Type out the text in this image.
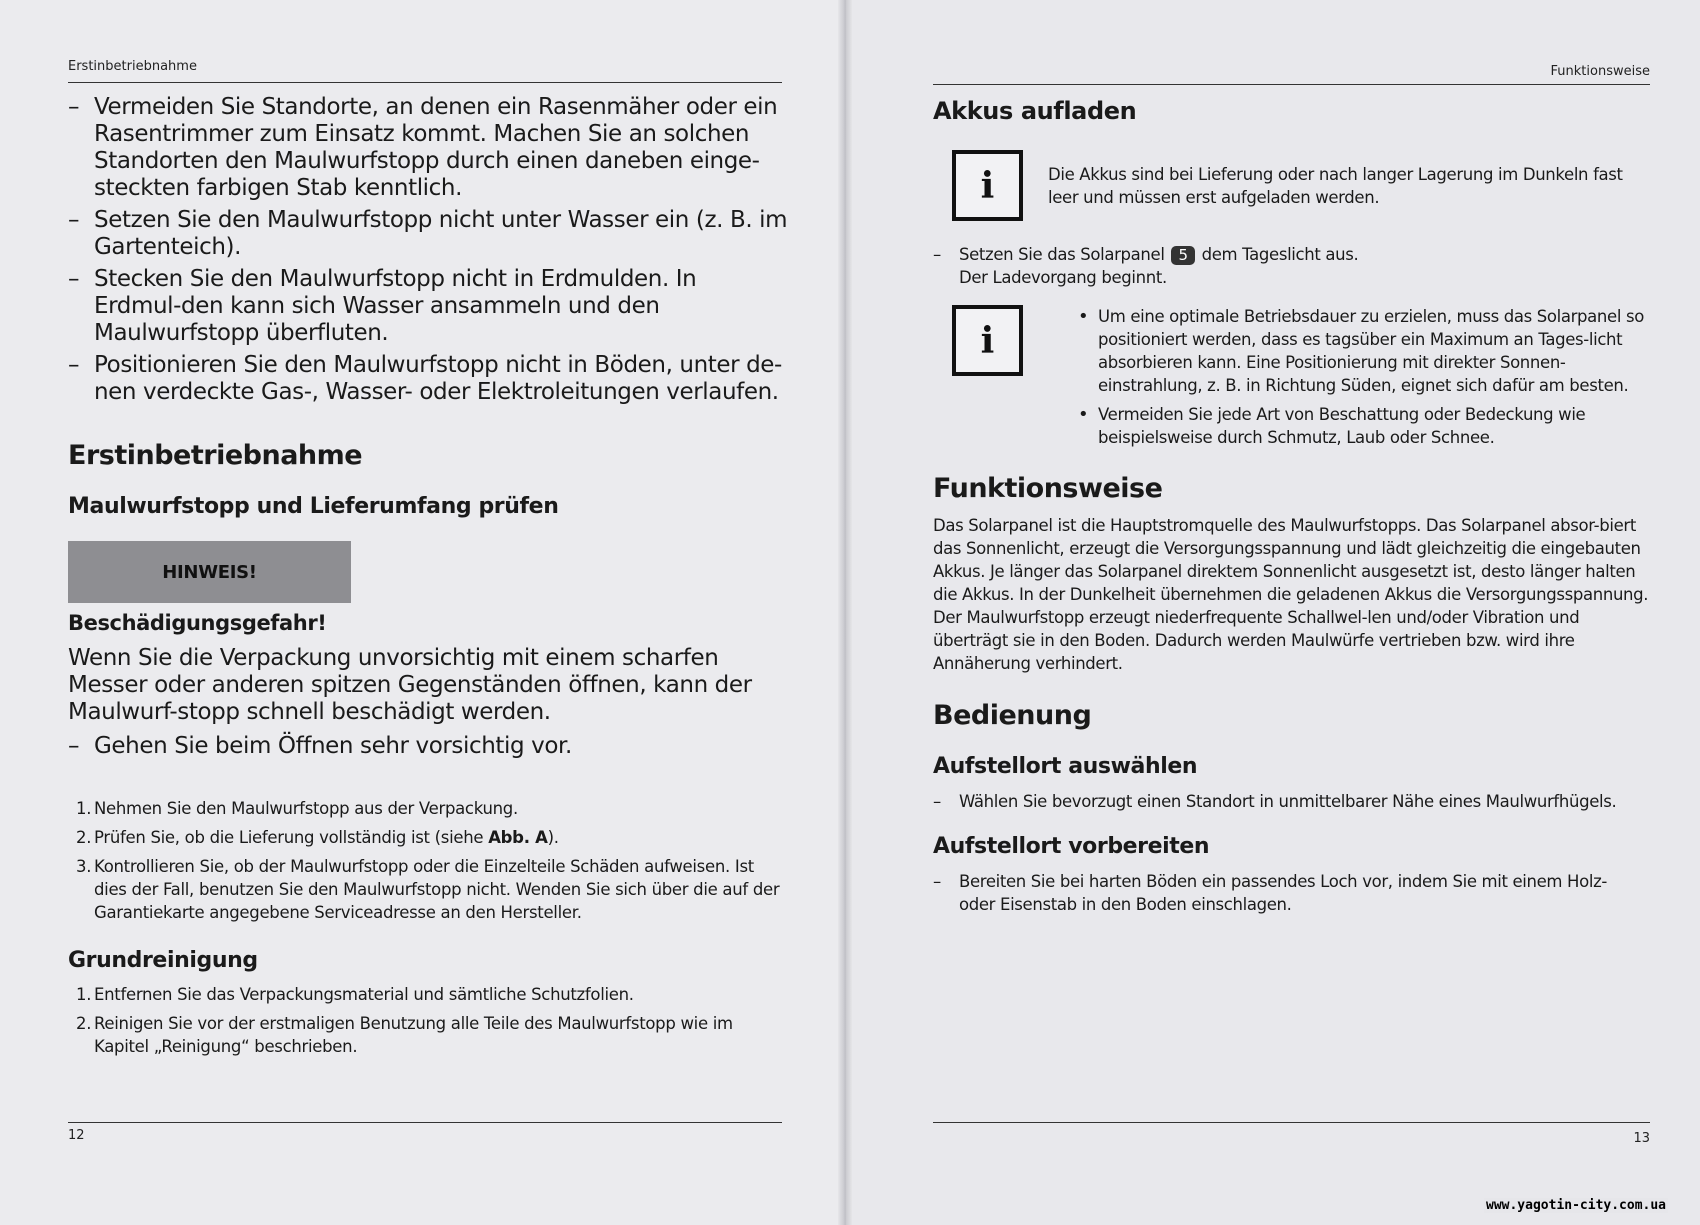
Erstinbetriebnahme
– Vermeiden Sie Standorte, an denen ein Rasenmäher oder ein Rasentrimmer zum Einsatz kommt. Machen Sie an solchen Standorten den Maulwurfstopp durch einen daneben einge-steckten farbigen Stab kenntlich.
– Setzen Sie den Maulwurfstopp nicht unter Wasser ein (z. B. im Gartenteich).
– Stecken Sie den Maulwurfstopp nicht in Erdmulden. In Erdmul-den kann sich Wasser ansammeln und den Maulwurfstopp überfluten.
– Positionieren Sie den Maulwurfstopp nicht in Böden, unter de-nen verdeckte Gas-, Wasser- oder Elektroleitungen verlaufen.
Erstinbetriebnahme
Maulwurfstopp und Lieferumfang prüfen
HINWEIS!
Beschädigungsgefahr!
Wenn Sie die Verpackung unvorsichtig mit einem scharfen Messer oder anderen spitzen Gegenständen öffnen, kann der Maulwurf-stopp schnell beschädigt werden.
– Gehen Sie beim Öffnen sehr vorsichtig vor.
1. Nehmen Sie den Maulwurfstopp aus der Verpackung.
2. Prüfen Sie, ob die Lieferung vollständig ist (siehe Abb. A).
3. Kontrollieren Sie, ob der Maulwurfstopp oder die Einzelteile Schäden aufweisen. Ist dies der Fall, benutzen Sie den Maulwurfstopp nicht. Wenden Sie sich über die auf der Garantiekarte angegebene Serviceadresse an den Hersteller.
Grundreinigung
1. Entfernen Sie das Verpackungsmaterial und sämtliche Schutzfolien.
2. Reinigen Sie vor der erstmaligen Benutzung alle Teile des Maulwurfstopp wie im Kapitel „Reinigung“ beschrieben.
12
Funktionsweise
Akkus aufladen
i	Die Akkus sind bei Lieferung oder nach langer Lagerung im Dunkeln fast leer und müssen erst aufgeladen werden.
– Setzen Sie das Solarpanel 5 dem Tageslicht aus.
Der Ladevorgang beginnt.
i
• Um eine optimale Betriebsdauer zu erzielen, muss das Solarpanel so positioniert werden, dass es tagsüber ein Maximum an Tages-licht absorbieren kann. Eine Positionierung mit direkter Sonnen-einstrahlung, z. B. in Richtung Süden, eignet sich dafür am besten.
• Vermeiden Sie jede Art von Beschattung oder Bedeckung wie beispielsweise durch Schmutz, Laub oder Schnee.
Funktionsweise
Das Solarpanel ist die Hauptstromquelle des Maulwurfstopps. Das Solarpanel absor-biert das Sonnenlicht, erzeugt die Versorgungsspannung und lädt gleichzeitig die eingebauten Akkus. Je länger das Solarpanel direktem Sonnenlicht ausgesetzt ist, desto länger halten die Akkus. In der Dunkelheit übernehmen die geladenen Akkus die Versorgungsspannung. Der Maulwurfstopp erzeugt niederfrequente Schallwel-len und/oder Vibration und überträgt sie in den Boden. Dadurch werden Maulwürfe vertrieben bzw. wird ihre Annäherung verhindert.
Bedienung
Aufstellort auswählen
– Wählen Sie bevorzugt einen Standort in unmittelbarer Nähe eines Maulwurfhügels.
Aufstellort vorbereiten
– Bereiten Sie bei harten Böden ein passendes Loch vor, indem Sie mit einem Holz-oder Eisenstab in den Boden einschlagen.
13
www.yagotin-city.com.ua
